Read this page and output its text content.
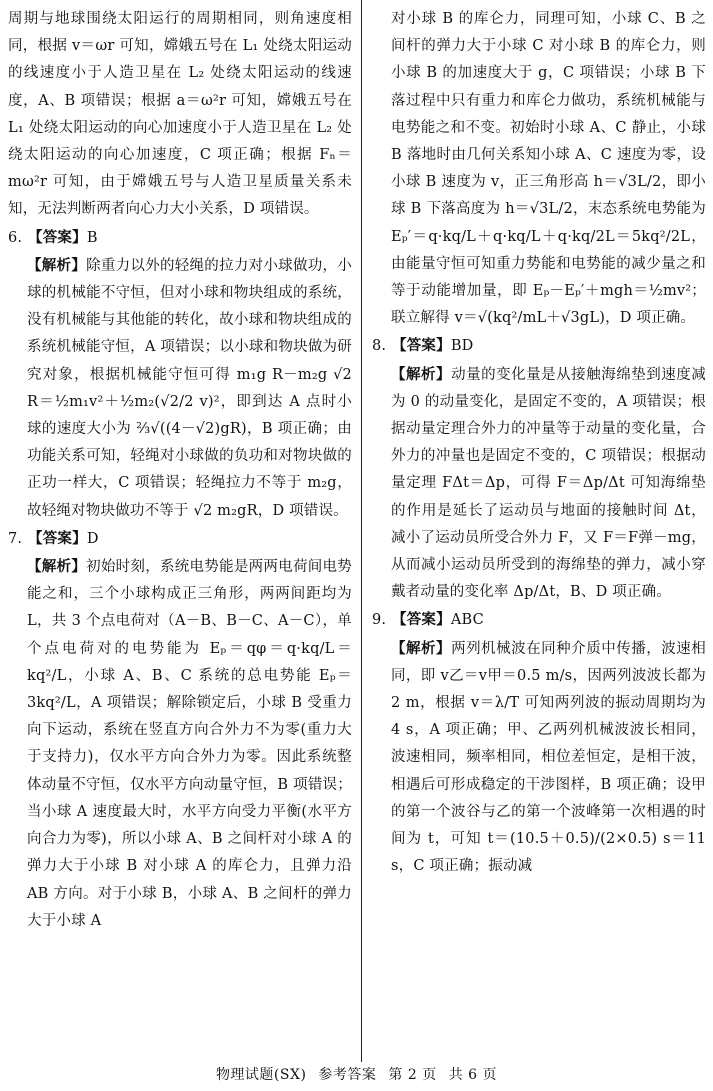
周期与地球围绕太阳运行的周期相同，则角速度相同，根据 v＝ωr 可知，嫦娥五号在 L₁ 处绕太阳运动的线速度小于人造卫星在 L₂ 处绕太阳运动的线速度，A、B 项错误；根据 a＝ω²r 可知，嫦娥五号在 L₁ 处绕太阳运动的向心加速度小于人造卫星在 L₂ 处绕太阳运动的向心加速度，C 项正确；根据 Fₙ＝mω²r 可知，由于嫦娥五号与人造卫星质量关系未知，无法判断两者向心力大小关系，D 项错误。

6. 【答案】B

【解析】除重力以外的轻绳的拉力对小球做功，小球的机械能不守恒，但对小球和物块组成的系统，没有机械能与其他能的转化，故小球和物块组成的系统机械能守恒，A 项错误；以小球和物块做为研究对象，根据机械能守恒可得 m₁g R－m₂g √2 R＝½m₁v²＋½m₂(√2/2 v)²，即到达 A 点时小球的速度大小为 ⅔√((4－√2)gR)，B 项正确；由功能关系可知，轻绳对小球做的负功和对物块做的正功一样大，C 项错误；轻绳拉力不等于 m₂g，故轻绳对物块做功不等于 √2 m₂gR，D 项错误。

7. 【答案】D

【解析】初始时刻，系统电势能是两两电荷间电势能之和，三个小球构成正三角形，两两间距均为 L，共 3 个点电荷对（A－B、B－C、A－C），单个点电荷对的电势能为 Eₚ＝qφ＝q·kq/L＝kq²/L，小球 A、B、C 系统的总电势能 Eₚ＝3kq²/L，A 项错误；解除锁定后，小球 B 受重力向下运动，系统在竖直方向合外力不为零(重力大于支持力)，仅水平方向合外力为零。因此系统整体动量不守恒，仅水平方向动量守恒，B 项错误；当小球 A 速度最大时，水平方向受力平衡(水平方向合力为零)，所以小球 A、B 之间杆对小球 A 的弹力大于小球 B 对小球 A 的库仑力，且弹力沿 AB 方向。对于小球 B，小球 A、B 之间杆的弹力大于小球 A

对小球 B 的库仑力，同理可知，小球 C、B 之间杆的弹力大于小球 C 对小球 B 的库仑力，则小球 B 的加速度大于 g，C 项错误；小球 B 下落过程中只有重力和库仑力做功，系统机械能与电势能之和不变。初始时小球 A、C 静止，小球 B 落地时由几何关系知小球 A、C 速度为零，设小球 B 速度为 v，正三角形高 h＝√3L/2，即小球 B 下落高度为 h＝√3L/2，末态系统电势能为 Eₚ′＝q·kq/L＋q·kq/L＋q·kq/2L＝5kq²/2L，由能量守恒可知重力势能和电势能的减少量之和等于动能增加量，即 Eₚ－Eₚ′＋mgh＝½mv²；联立解得 v＝√(kq²/mL＋√3gL)，D 项正确。

8. 【答案】BD

【解析】动量的变化量是从接触海绵垫到速度减为 0 的动量变化，是固定不变的，A 项错误；根据动量定理合外力的冲量等于动量的变化量，合外力的冲量也是固定不变的，C 项错误；根据动量定理 FΔt＝Δp，可得 F＝Δp/Δt 可知海绵垫的作用是延长了运动员与地面的接触时间 Δt，减小了运动员所受合外力 F，又 F＝F弹－mg，从而减小运动员所受到的海绵垫的弹力，减小穿戴者动量的变化率 Δp/Δt，B、D 项正确。

9. 【答案】ABC

【解析】两列机械波在同种介质中传播，波速相同，即 v乙＝v甲＝0.5 m/s，因两列波波长都为 2 m，根据 v＝λ/T 可知两列波的振动周期均为 4 s，A 项正确；甲、乙两列机械波波长相同，波速相同，频率相同，相位差恒定，是相干波，相遇后可形成稳定的干涉图样，B 项正确；设甲的第一个波谷与乙的第一个波峰第一次相遇的时间为 t，可知 t＝(10.5＋0.5)/(2×0.5) s＝11 s，C 项正确；振动减

物理试题(SX) 参考答案 第 2 页 共 6 页
